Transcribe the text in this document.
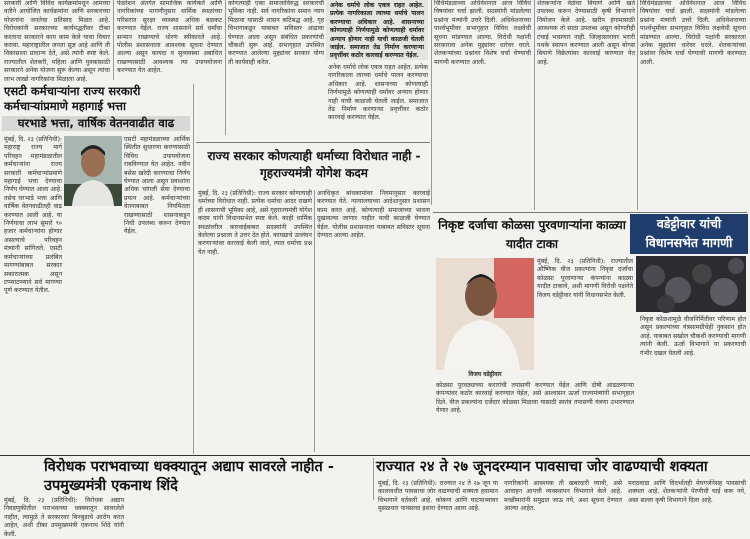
सरकारी आणि विविध कार्यक्रमांमधून आमच्या वतीने आयोजित कार्यक्रमांना आणि सरकारच्या योजनांना जनतेचा प्रतिसाद मिळत आहे. विरोधकांनी सरकारच्या कार्यपद्धतीवर टीका करताना सरकारने काय काम केले याचा विचार करावा. महाराष्ट्रातील जनता सुज्ञ आहे आणि ती विकासाला प्राधान्य देते, असे त्यांनी स्पष्ट केले. राज्यातील शेतकरी, महिला आणि युवकांसाठी सरकारने अनेक योजना सुरू केल्या असून त्यांचा लाभ लाखो नागरिकांना मिळाला आहे.
फेडरेशन अंतर्गत सामाजिक कार्यकर्ते आणि नागरिकांच्या मागणीनुसार धार्मिक स्थळांच्या परिसरात सुरक्षा व्यवस्था अधिक बळकट करण्यात येईल. राज्य शासनाने सर्व धर्मांचा सन्मान राखण्याचे धोरण स्वीकारले आहे. पोलीस प्रशासनाला आवश्यक सूचना देण्यात आल्या असून कायदा व सुव्यवस्था अबाधित राखण्यासाठी आवश्यक त्या उपाययोजना करण्यात येत आहेत.
कोणत्याही एका समाजाविरुद्ध सरकारची भूमिका नाही. सर्व नागरिकांना समान न्याय मिळावा यासाठी शासन कटिबद्ध आहे. गृह विभागाकडून याबाबत सविस्तर आढावा घेण्यात आला असून संबंधित प्रकरणांची चौकशी सुरू आहे. सभागृहात उपस्थित करण्यात आलेल्या मुद्द्यांवर सरकार योग्य ती कार्यवाही करेल.
अनेक धर्माचे लोक एकत्र राहत आहेत. प्रत्येक नागरिकाला त्याच्या धर्माचे पालन करण्याचा अधिकार आहे. शासनाच्या कोणत्याही निर्णयामुळे कोणत्याही धर्मावर अन्याय होणार नाही याची काळजी घेतली जाईल. समाजात तेढ निर्माण करणाऱ्या प्रवृत्तींवर कठोर कारवाई करण्यात येईल.
अनेक धर्माचे लोक एकत्र राहत आहेत. प्रत्येक नागरिकाला त्याच्या धर्माचे पालन करण्याचा अधिकार आहे. शासनाच्या कोणत्याही निर्णयामुळे कोणत्याही धर्मावर अन्याय होणार नाही याची काळजी घेतली जाईल. समाजात तेढ निर्माण करणाऱ्या प्रवृत्तींवर कठोर कारवाई करण्यात येईल.
विधिमंडळाच्या अधिवेशनात आज विविध विषयांवर चर्चा झाली. सदस्यांनी मांडलेल्या प्रश्नांना मंत्र्यांनी उत्तरे दिली. अधिवेशनाच्या पार्श्वभूमीवर सभागृहात विविध लक्षवेधी सूचना मांडण्यात आल्या. विरोधी पक्षांनी सरकारला अनेक मुद्द्यांवर धारेवर धरले. शेतकऱ्यांच्या प्रश्नांवर विशेष चर्चा घेण्याची मागणी करण्यात आली.
शेतकऱ्यांना वेळेवर बियाणे आणि खते उपलब्ध करून देण्यासाठी कृषी विभागाने नियोजन केले आहे. खरीप हंगामासाठी आवश्यक तो साठा उपलब्ध असून कोणतीही टंचाई भासणार नाही. जिल्हास्तरावर भरारी पथके स्थापन करण्यात आली असून बोगस बियाणे विक्रेत्यांवर कारवाई करण्यात येत आहे.
विधिमंडळाच्या अधिवेशनात आज विविध विषयांवर चर्चा झाली. सदस्यांनी मांडलेल्या प्रश्नांना मंत्र्यांनी उत्तरे दिली. अधिवेशनाच्या पार्श्वभूमीवर सभागृहात विविध लक्षवेधी सूचना मांडण्यात आल्या. विरोधी पक्षांनी सरकारला अनेक मुद्द्यांवर धारेवर धरले. शेतकऱ्यांच्या प्रश्नांवर विशेष चर्चा घेण्याची मागणी करण्यात आली.
एसटी कर्मचाऱ्यांना राज्य सरकारी कर्मचाऱ्यांप्रमाणे महागाई भत्ता
घरभाडे भत्ता, वार्षिक वेतनवाढीत वाढ
मुंबई, दि. २३ (प्रतिनिधी): महाराष्ट्र राज्य मार्ग परिवहन महामंडळातील कर्मचाऱ्यांना राज्य सरकारी कर्मचाऱ्यांप्रमाणे महागाई भत्ता देण्याचा निर्णय घेण्यात आला आहे. तसेच घरभाडे भत्ता आणि वार्षिक वेतनवाढीतही वाढ करण्यात आली आहे. या निर्णयाचा लाभ सुमारे ९० हजार कर्मचाऱ्यांना होणार असल्याचे परिवहन मंत्र्यांनी सांगितले. एसटी कर्मचाऱ्यांच्या प्रलंबित मागण्यांबाबत सरकार सकारात्मक असून टप्प्याटप्प्याने सर्व मागण्या पूर्ण करण्यात येतील.
एसटी महामंडळाच्या आर्थिक स्थितीत सुधारणा करण्यासाठी विविध उपाययोजना राबविण्यात येत आहेत. नवीन बसेस खरेदी करण्याचा निर्णय घेण्यात आला असून प्रवाशांना अधिक चांगली सेवा देण्याचा प्रयत्न आहे. कर्मचाऱ्यांच्या वेतनाबाबत नियमितता राखण्यासाठी शासनाकडून निधी उपलब्ध करून देण्यात येईल.
राज्य सरकार कोणत्याही धर्माच्या विरोधात नाही - गृहराज्यमंत्री योगेश कदम
मुंबई, दि. २३ (प्रतिनिधी): राज्य सरकार कोणत्याही धर्माच्या विरोधात नाही. प्रत्येक धर्माचा आदर राखणे ही शासनाची भूमिका आहे, असे गृहराज्यमंत्री योगेश कदम यांनी विधानसभेत स्पष्ट केले. काही धार्मिक स्थळांवरील कारवाईबाबत सदस्यांनी उपस्थित केलेल्या प्रश्नाला ते उत्तर देत होते. कायद्याचे उल्लंघन करणाऱ्यांवर कारवाई केली जाते, त्यात धर्माचा प्रश्न येत नाही.
अनधिकृत बांधकामांवर नियमानुसार कारवाई करण्यात येते. न्यायालयाच्या आदेशानुसार प्रशासन काम करत आहे. कोणत्याही समाजाच्या भावना दुखावल्या जाणार नाहीत याची काळजी घेण्यात येईल. पोलीस प्रशासनाला याबाबत सविस्तर सूचना देण्यात आल्या आहेत.
निकृष्ट दर्जाचा कोळसा पुरवणाऱ्यांना काळ्या यादीत टाका
वडेट्टीवार यांची विधानसभेत मागणी
विजय वडेट्टीवार
मुंबई, दि. २३ (प्रतिनिधी): राज्यातील औष्णिक वीज प्रकल्पांना निकृष्ट दर्जाचा कोळसा पुरवणाऱ्या कंपन्यांना काळ्या यादीत टाकावे, अशी मागणी विरोधी पक्षनेते विजय वडेट्टीवार यांनी विधानसभेत केली.
निकृष्ट कोळशामुळे वीजनिर्मितीवर परिणाम होत असून प्रकल्पांच्या यंत्रसामग्रीचेही नुकसान होत आहे. याबाबत सखोल चौकशी करण्याची मागणी त्यांनी केली. ऊर्जा विभागाने या प्रकरणाची गंभीर दखल घेतली आहे.
कोळसा पुरवठ्याच्या करारांची तपासणी करण्यात येईल आणि दोषी आढळणाऱ्या कंपन्यांवर कठोर कारवाई करण्यात येईल, असे आश्वासन ऊर्जा राज्यमंत्र्यांनी सभागृहात दिले. वीज प्रकल्पांना दर्जेदार कोळसा मिळावा यासाठी स्वतंत्र तपासणी यंत्रणा उभारण्यात येणार आहे.
विरोधक पराभवाच्या धक्क्यातून अद्याप सावरले नाहीत - उपमुख्यमंत्री एकनाथ शिंदे
मुंबई, दि. २३ (प्रतिनिधी): विरोधक अद्याप निवडणुकीतील पराभवाच्या धक्क्यातून सावरलेले नाहीत, त्यामुळे ते सरकारवर बिनबुडाचे आरोप करत आहेत, अशी टीका उपमुख्यमंत्री एकनाथ शिंदे यांनी केली.
राज्यात २४ ते २७ जूनदरम्यान पावसाचा जोर वाढण्याची शक्यता
मुंबई, दि. २३ (प्रतिनिधी): राज्यात २४ ते २७ जून या कालावधीत पावसाचा जोर वाढण्याची शक्यता हवामान विभागाने वर्तवली आहे. कोकण आणि घाटमाथ्यावर मुसळधार पावसाचा इशारा देण्यात आला आहे.
नागरिकांनी आवश्यक ती खबरदारी घ्यावी, असे आवाहन आपत्ती व्यवस्थापन विभागाने केले आहे. मच्छीमारांनी समुद्रात जाऊ नये, अशा सूचना देण्यात आल्या आहेत.
मराठवाडा आणि विदर्भातही मेघगर्जनेसह पावसाची शक्यता आहे. शेतकऱ्यांनी पेरणीची घाई करू नये, असा सल्ला कृषी विभागाने दिला आहे.
